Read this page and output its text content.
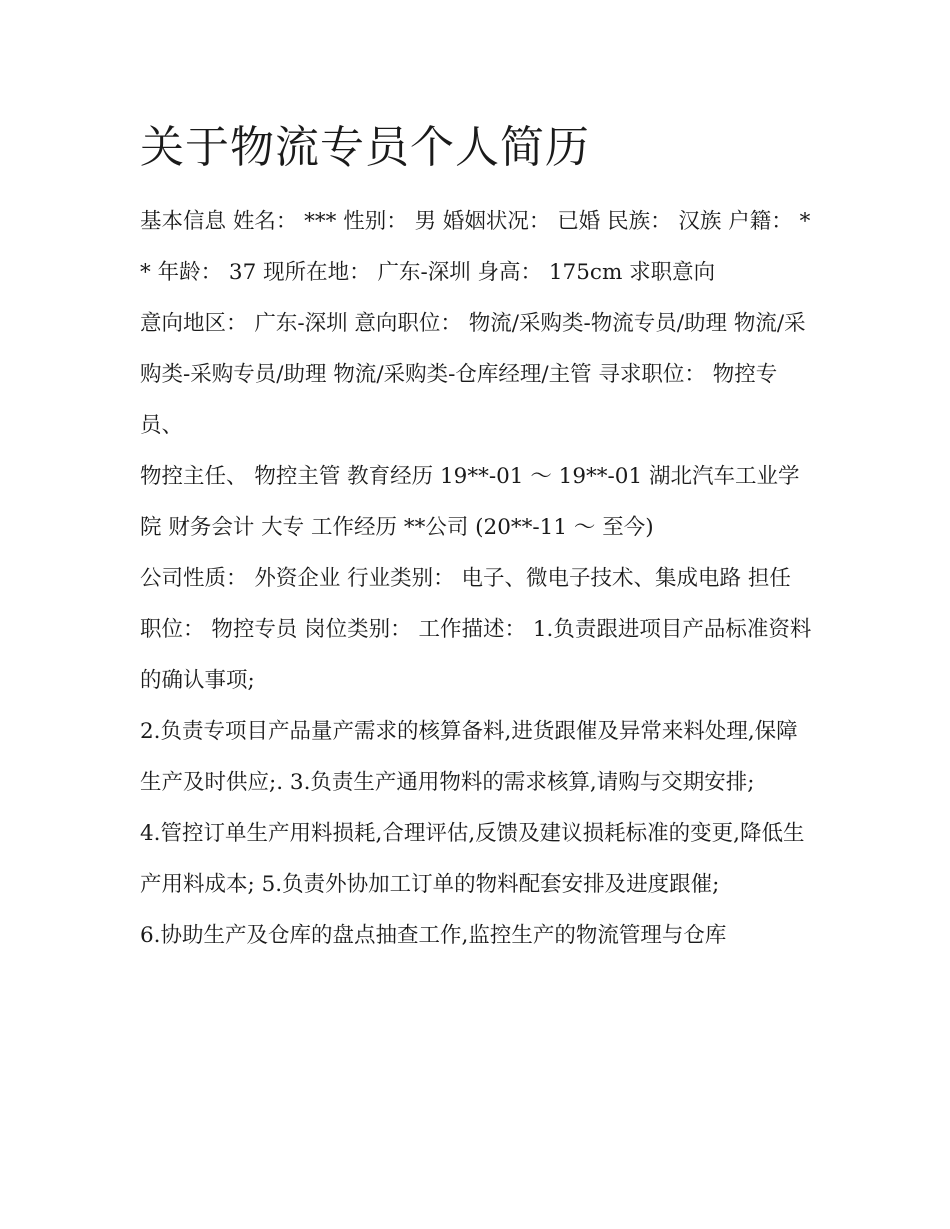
关于物流专员个人简历

基本信息 姓名： *** 性别： 男 婚姻状况： 已婚 民族： 汉族 户籍： ** 年龄： 37 现所在地： 广东-深圳 身高： 175cm 求职意向

意向地区： 广东-深圳 意向职位： 物流/采购类-物流专员/助理 物流/采购类-采购专员/助理 物流/采购类-仓库经理/主管 寻求职位： 物控专员、

物控主任、 物控主管 教育经历 19**-01 ～ 19**-01 湖北汽车工业学院 财务会计 大专 工作经历 **公司 (20**-11 ～ 至今)

公司性质： 外资企业 行业类别： 电子、微电子技术、集成电路 担任职位： 物控专员 岗位类别： 工作描述： 1.负责跟进项目产品标准资料的确认事项;

2.负责专项目产品量产需求的核算备料,进货跟催及异常来料处理,保障生产及时供应;. 3.负责生产通用物料的需求核算,请购与交期安排;

4.管控订单生产用料损耗,合理评估,反馈及建议损耗标准的变更,降低生产用料成本; 5.负责外协加工订单的物料配套安排及进度跟催;

6.协助生产及仓库的盘点抽查工作,监控生产的物流管理与仓库
